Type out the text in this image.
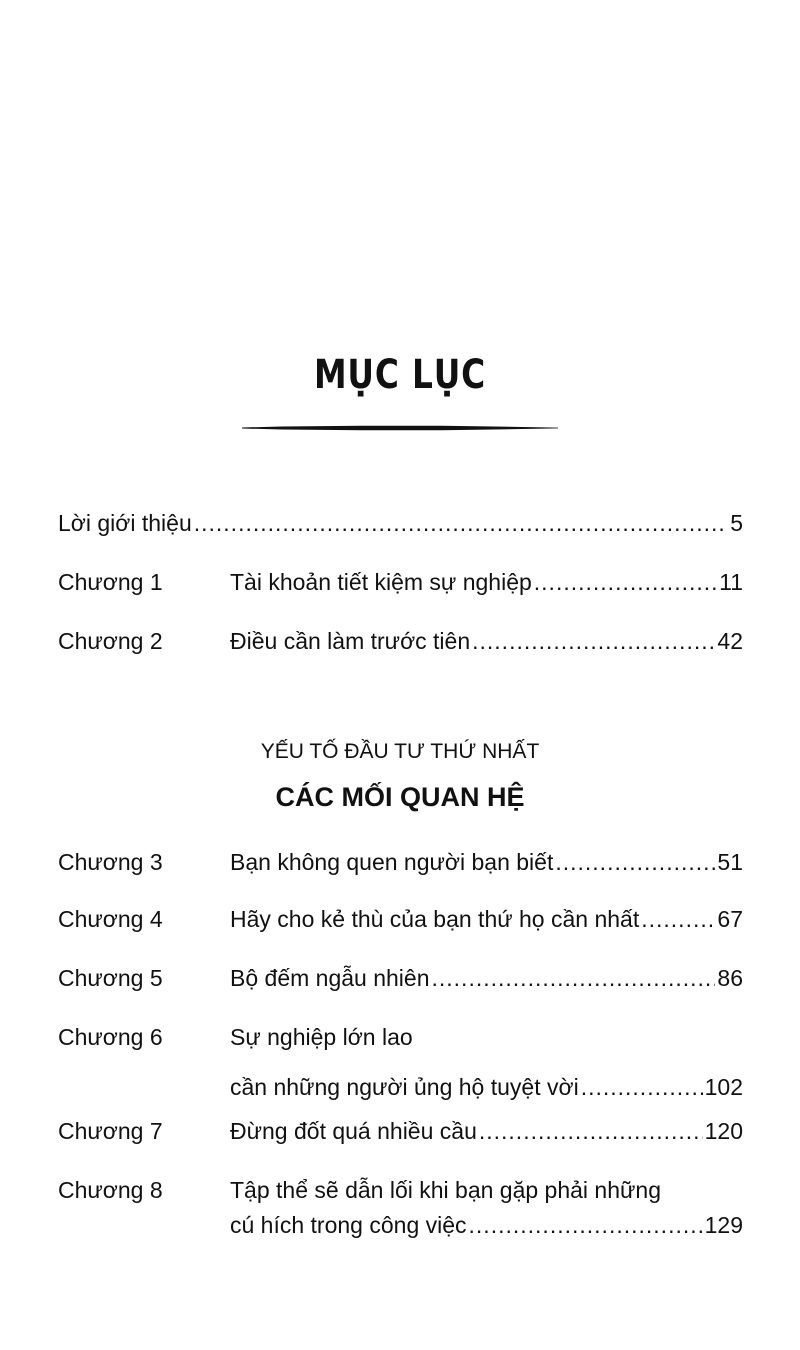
MỤC LỤC
Lời giới thiệu .....	5
Chương 1	Tài khoản tiết kiệm sự nghiệp .....	11
Chương 2	Điều cần làm trước tiên .....	42
YẾU TỐ ĐẦU TƯ THỨ NHẤT
CÁC MỐI QUAN HỆ
Chương 3	Bạn không quen người bạn biết .....	51
Chương 4	Hãy cho kẻ thù của bạn thứ họ cần nhất .....	67
Chương 5	Bộ đếm ngẫu nhiên .....	86
Chương 6	Sự nghiệp lớn lao
cần những người ủng hộ tuyệt vời .....	102
Chương 7	Đừng đốt quá nhiều cầu .....	120
Chương 8	Tập thể sẽ dẫn lối khi bạn gặp phải những
cú hích trong công việc .....	129
